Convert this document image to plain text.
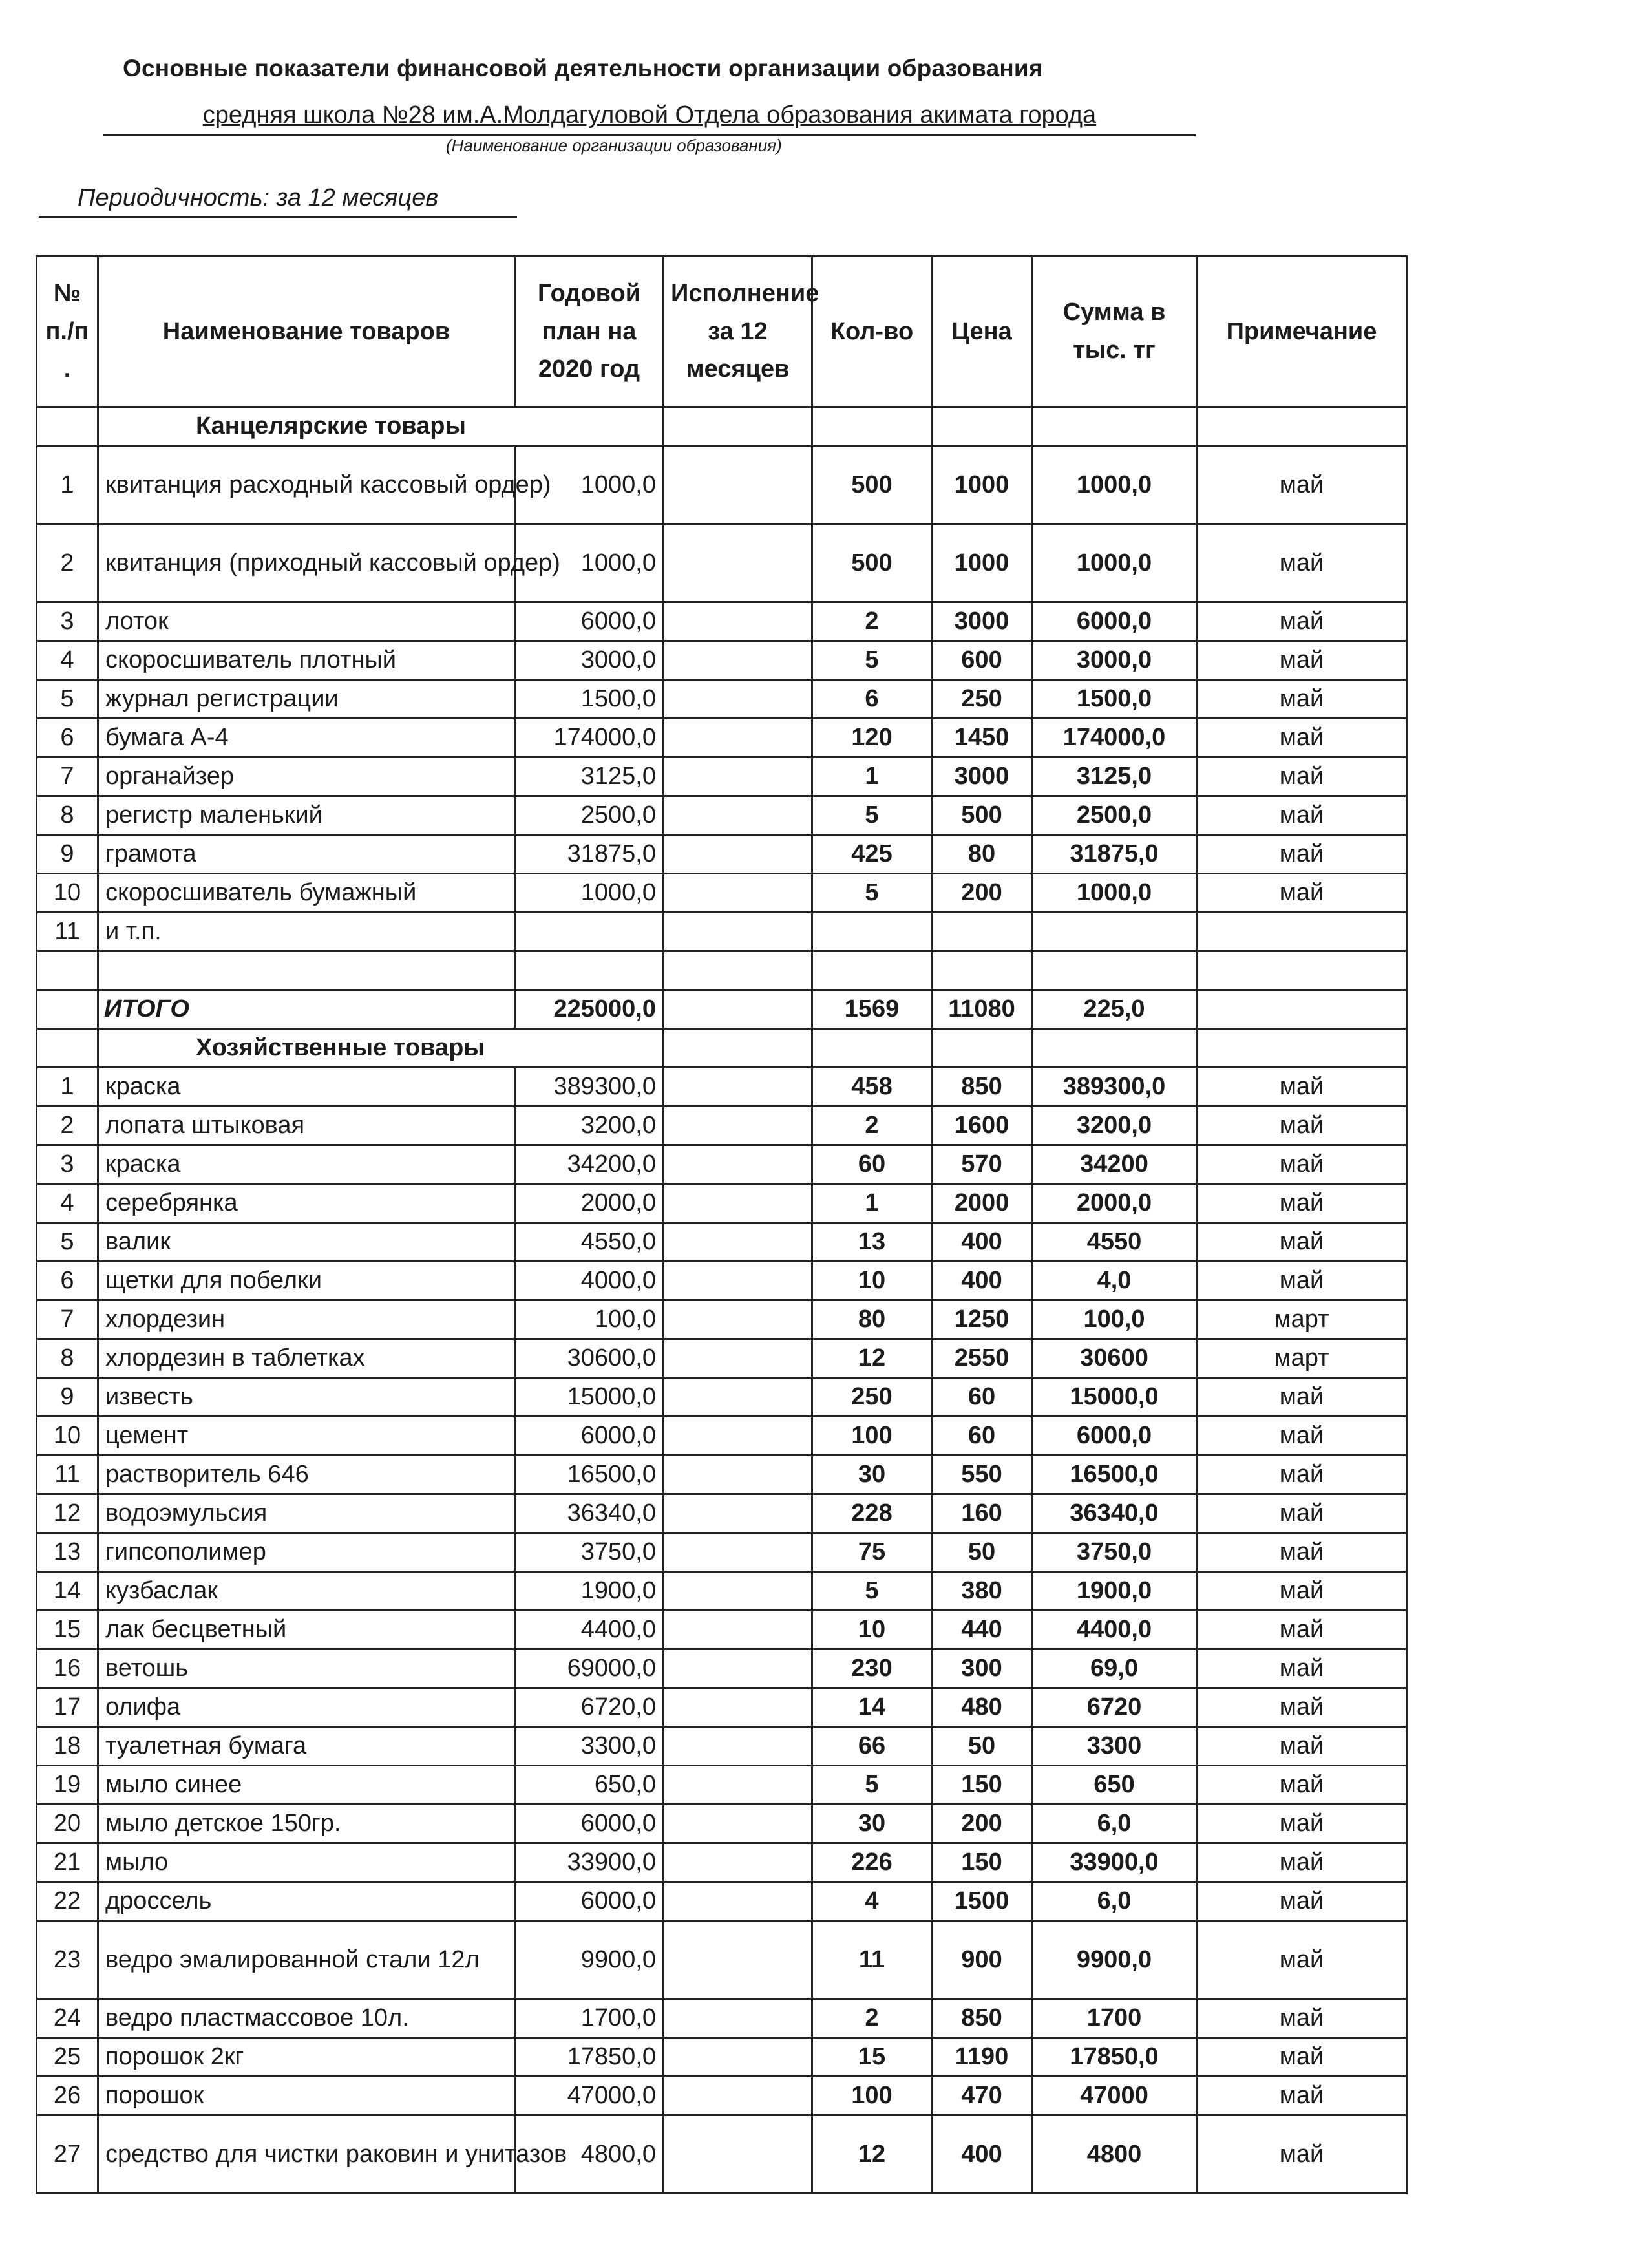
Основные показатели финансовой деятельности организации образования
средняя школа №28 им.А.Молдагуловой Отдела образования акимата города
(Наименование организации образования)
Периодичность: за 12 месяцев
№ п./п .	Наименование товаров	Годовой план на 2020 год	Исполнение за 12 месяцев	Кол-во	Цена	Сумма в тыс. тг	Примечание
	Канцелярские товары						
1	квитанция расходный кассовый ордер)	1000,0		500	1000	1000,0	май
2	квитанция (приходный кассовый ордер)	1000,0		500	1000	1000,0	май
3	лоток	6000,0		2	3000	6000,0	май
4	скоросшиватель плотный	3000,0		5	600	3000,0	май
5	журнал регистрации	1500,0		6	250	1500,0	май
6	бумага А-4	174000,0		120	1450	174000,0	май
7	органайзер	3125,0		1	3000	3125,0	май
8	регистр маленький	2500,0		5	500	2500,0	май
9	грамота	31875,0		425	80	31875,0	май
10	скоросшиватель бумажный	1000,0		5	200	1000,0	май
11	и т.п.						

	ИТОГО	225000,0		1569	11080	225,0	
	Хозяйственные товары						
1	краска	389300,0		458	850	389300,0	май
2	лопата штыковая	3200,0		2	1600	3200,0	май
3	краска	34200,0		60	570	34200	май
4	серебрянка	2000,0		1	2000	2000,0	май
5	валик	4550,0		13	400	4550	май
6	щетки для побелки	4000,0		10	400	4,0	май
7	хлордезин	100,0		80	1250	100,0	март
8	хлордезин в таблетках	30600,0		12	2550	30600	март
9	известь	15000,0		250	60	15000,0	май
10	цемент	6000,0		100	60	6000,0	май
11	растворитель 646	16500,0		30	550	16500,0	май
12	водоэмульсия	36340,0		228	160	36340,0	май
13	гипсополимер	3750,0		75	50	3750,0	май
14	кузбаслак	1900,0		5	380	1900,0	май
15	лак бесцветный	4400,0		10	440	4400,0	май
16	ветошь	69000,0		230	300	69,0	май
17	олифа	6720,0		14	480	6720	май
18	туалетная бумага	3300,0		66	50	3300	май
19	мыло синее	650,0		5	150	650	май
20	мыло детское 150гр.	6000,0		30	200	6,0	май
21	мыло	33900,0		226	150	33900,0	май
22	дроссель	6000,0		4	1500	6,0	май
23	ведро эмалированной стали 12л	9900,0		11	900	9900,0	май
24	ведро пластмассовое 10л.	1700,0		2	850	1700	май
25	порошок 2кг	17850,0		15	1190	17850,0	май
26	порошок	47000,0		100	470	47000	май
27	средство для чистки раковин и унитазов	4800,0		12	400	4800	май
